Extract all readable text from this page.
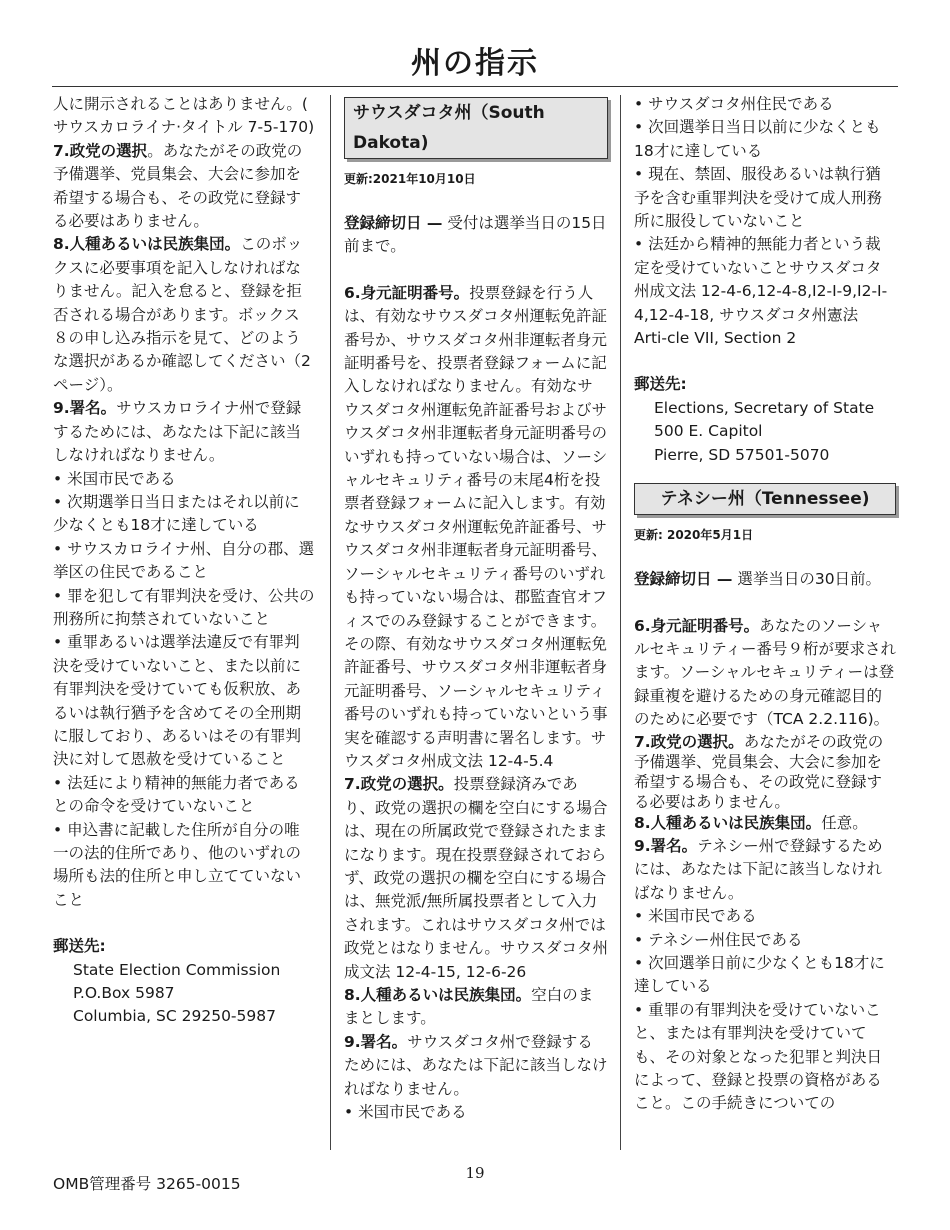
州の指示

人に開示されることはありません。(

サウスカロライナ·タイトル 7-5-170)

7.政党の選択。あなたがその政党の予備選挙、党員集会、大会に参加を希望する場合も、その政党に登録する必要はありません。

8.人種あるいは民族集団。このボックスに必要事項を記入しなければなりません。記入を怠ると、登録を拒否される場合があります。ボックス８の申し込み指示を見て、どのような選択があるか確認してください（2ページ）。

9.署名。サウスカロライナ州で登録するためには、あなたは下記に該当しなければなりません。

• 米国市民である
• 次期選挙日当日またはそれ以前に少なくとも18才に達している
• サウスカロライナ州、自分の郡、選挙区の住民であること
• 罪を犯して有罪判決を受け、公共の刑務所に拘禁されていないこと
• 重罪あるいは選挙法違反で有罪判決を受けていないこと、また以前に有罪判決を受けていても仮釈放、あるいは執行猶予を含めてその全刑期に服しており、あるいはその有罪判決に対して恩赦を受けていること
• 法廷により精神的無能力者であるとの命令を受けていないこと
• 申込書に記載した住所が自分の唯一の法的住所であり、他のいずれの場所も法的住所と申し立てていないこと

郵送先:

State Election Commission
P.O.Box 5987
Columbia, SC 29250-5987
サウスダコタ州（South Dakota)

更新:2021年10月10日

登録締切日 — 受付は選挙当日の15日前まで。

6.身元証明番号。投票登録を行う人は、有効なサウスダコタ州運転免許証番号か、サウスダコタ州非運転者身元証明番号を、投票者登録フォームに記入しなければなりません。有効なサウスダコタ州運転免許証番号およびサウスダコタ州非運転者身元証明番号のいずれも持っていない場合は、ソーシャルセキュリティ番号の末尾4桁を投票者登録フォームに記入します。有効なサウスダコタ州運転免許証番号、サウスダコタ州非運転者身元証明番号、ソーシャルセキュリティ番号のいずれも持っていない場合は、郡監査官オフィスでのみ登録することができます。その際、有効なサウスダコタ州運転免許証番号、サウスダコタ州非運転者身元証明番号、ソーシャルセキュリティ番号のいずれも持っていないという事実を確認する声明書に署名します。サウスダコタ州成文法 12-4-5.4

7.政党の選択。投票登録済みであり、政党の選択の欄を空白にする場合は、現在の所属政党で登録されたままになります。現在投票登録されておらず、政党の選択の欄を空白にする場合は、無党派/無所属投票者として入力されます。これはサウスダコタ州では政党とはなりません。サウスダコタ州成文法 12-4-15, 12-6-26

8.人種あるいは民族集団。空白のままとします。

9.署名。サウスダコタ州で登録するためには、あなたは下記に該当しなければなりません。

• 米国市民である
• サウスダコタ州住民である
• 次回選挙日当日以前に少なくとも18才に達している
• 現在、禁固、服役あるいは執行猶予を含む重罪判決を受けて成人刑務所に服役していないこと
• 法廷から精神的無能力者という裁定を受けていないことサウスダコタ州成文法 12-4-6,12-4-8,I2-I-9,I2-I-4,12-4-18, サウスダコタ州憲法 Arti-cle VII, Section 2

郵送先:

Elections, Secretary of State
500 E. Capitol
Pierre, SD 57501-5070
テネシー州（Tennessee)

更新: 2020年5月1日

登録締切日 — 選挙当日の30日前。

6.身元証明番号。あなたのソーシャルセキュリティー番号９桁が要求されます。ソーシャルセキュリティーは登録重複を避けるための身元確認目的のために必要です（TCA 2.2.116)。

7.政党の選択。あなたがその政党の予備選挙、党員集会、大会に参加を希望する場合も、その政党に登録する必要はありません。

8.人種あるいは民族集団。任意。

9.署名。テネシー州で登録するためには、あなたは下記に該当しなければなりません。

• 米国市民である
• テネシー州住民である
• 次回選挙日前に少なくとも18才に達している
• 重罪の有罪判決を受けていないこと、または有罪判決を受けていても、その対象となった犯罪と判決日によって、登録と投票の資格があること。この手続きについての
19
OMB管理番号 3265-0015
